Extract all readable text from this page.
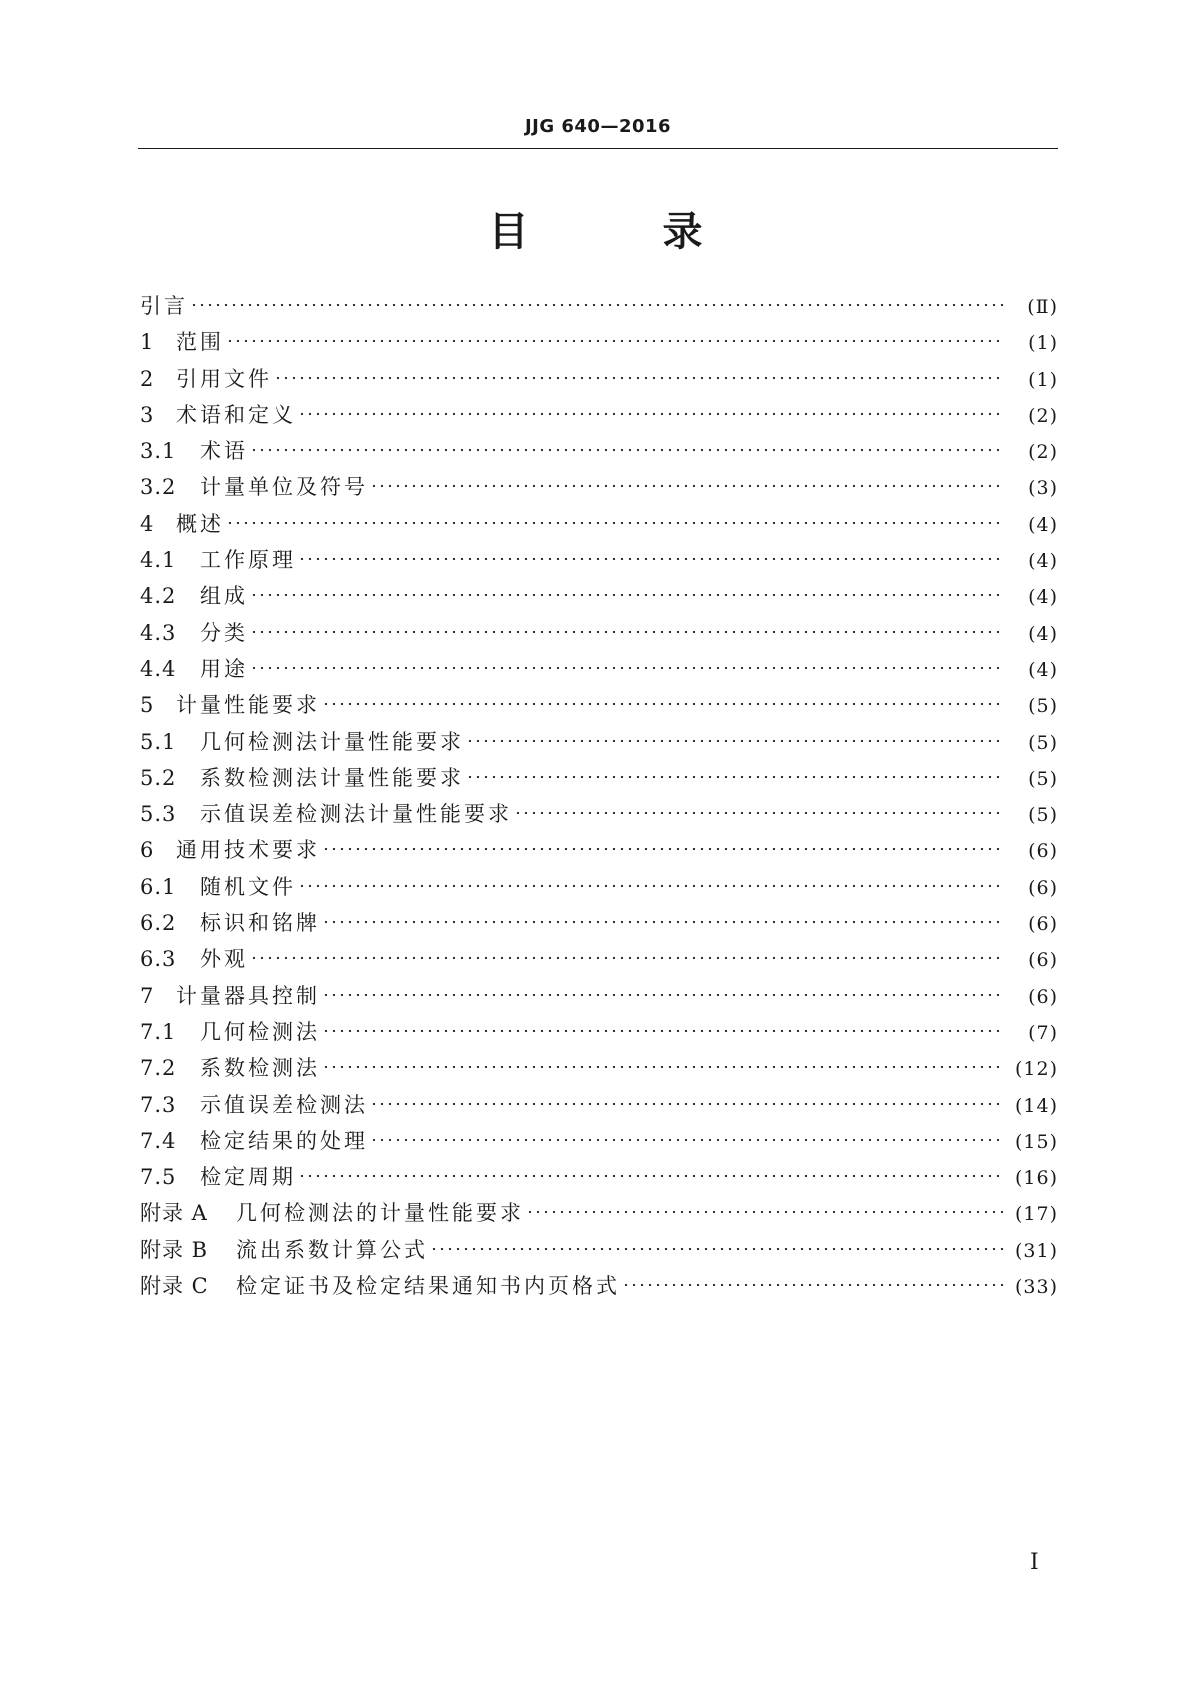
JJG 640—2016
目 录
引言	(Ⅱ)
1	范围	(1)
2	引用文件	(1)
3	术语和定义	(2)
3.1	术语	(2)
3.2	计量单位及符号	(3)
4	概述	(4)
4.1	工作原理	(4)
4.2	组成	(4)
4.3	分类	(4)
4.4	用途	(4)
5	计量性能要求	(5)
5.1	几何检测法计量性能要求	(5)
5.2	系数检测法计量性能要求	(5)
5.3	示值误差检测法计量性能要求	(5)
6	通用技术要求	(6)
6.1	随机文件	(6)
6.2	标识和铭牌	(6)
6.3	外观	(6)
7	计量器具控制	(6)
7.1	几何检测法	(7)
7.2	系数检测法	(12)
7.3	示值误差检测法	(14)
7.4	检定结果的处理	(15)
7.5	检定周期	(16)
附录 A	几何检测法的计量性能要求	(17)
附录 B	流出系数计算公式	(31)
附录 C	检定证书及检定结果通知书内页格式	(33)
Ⅰ
